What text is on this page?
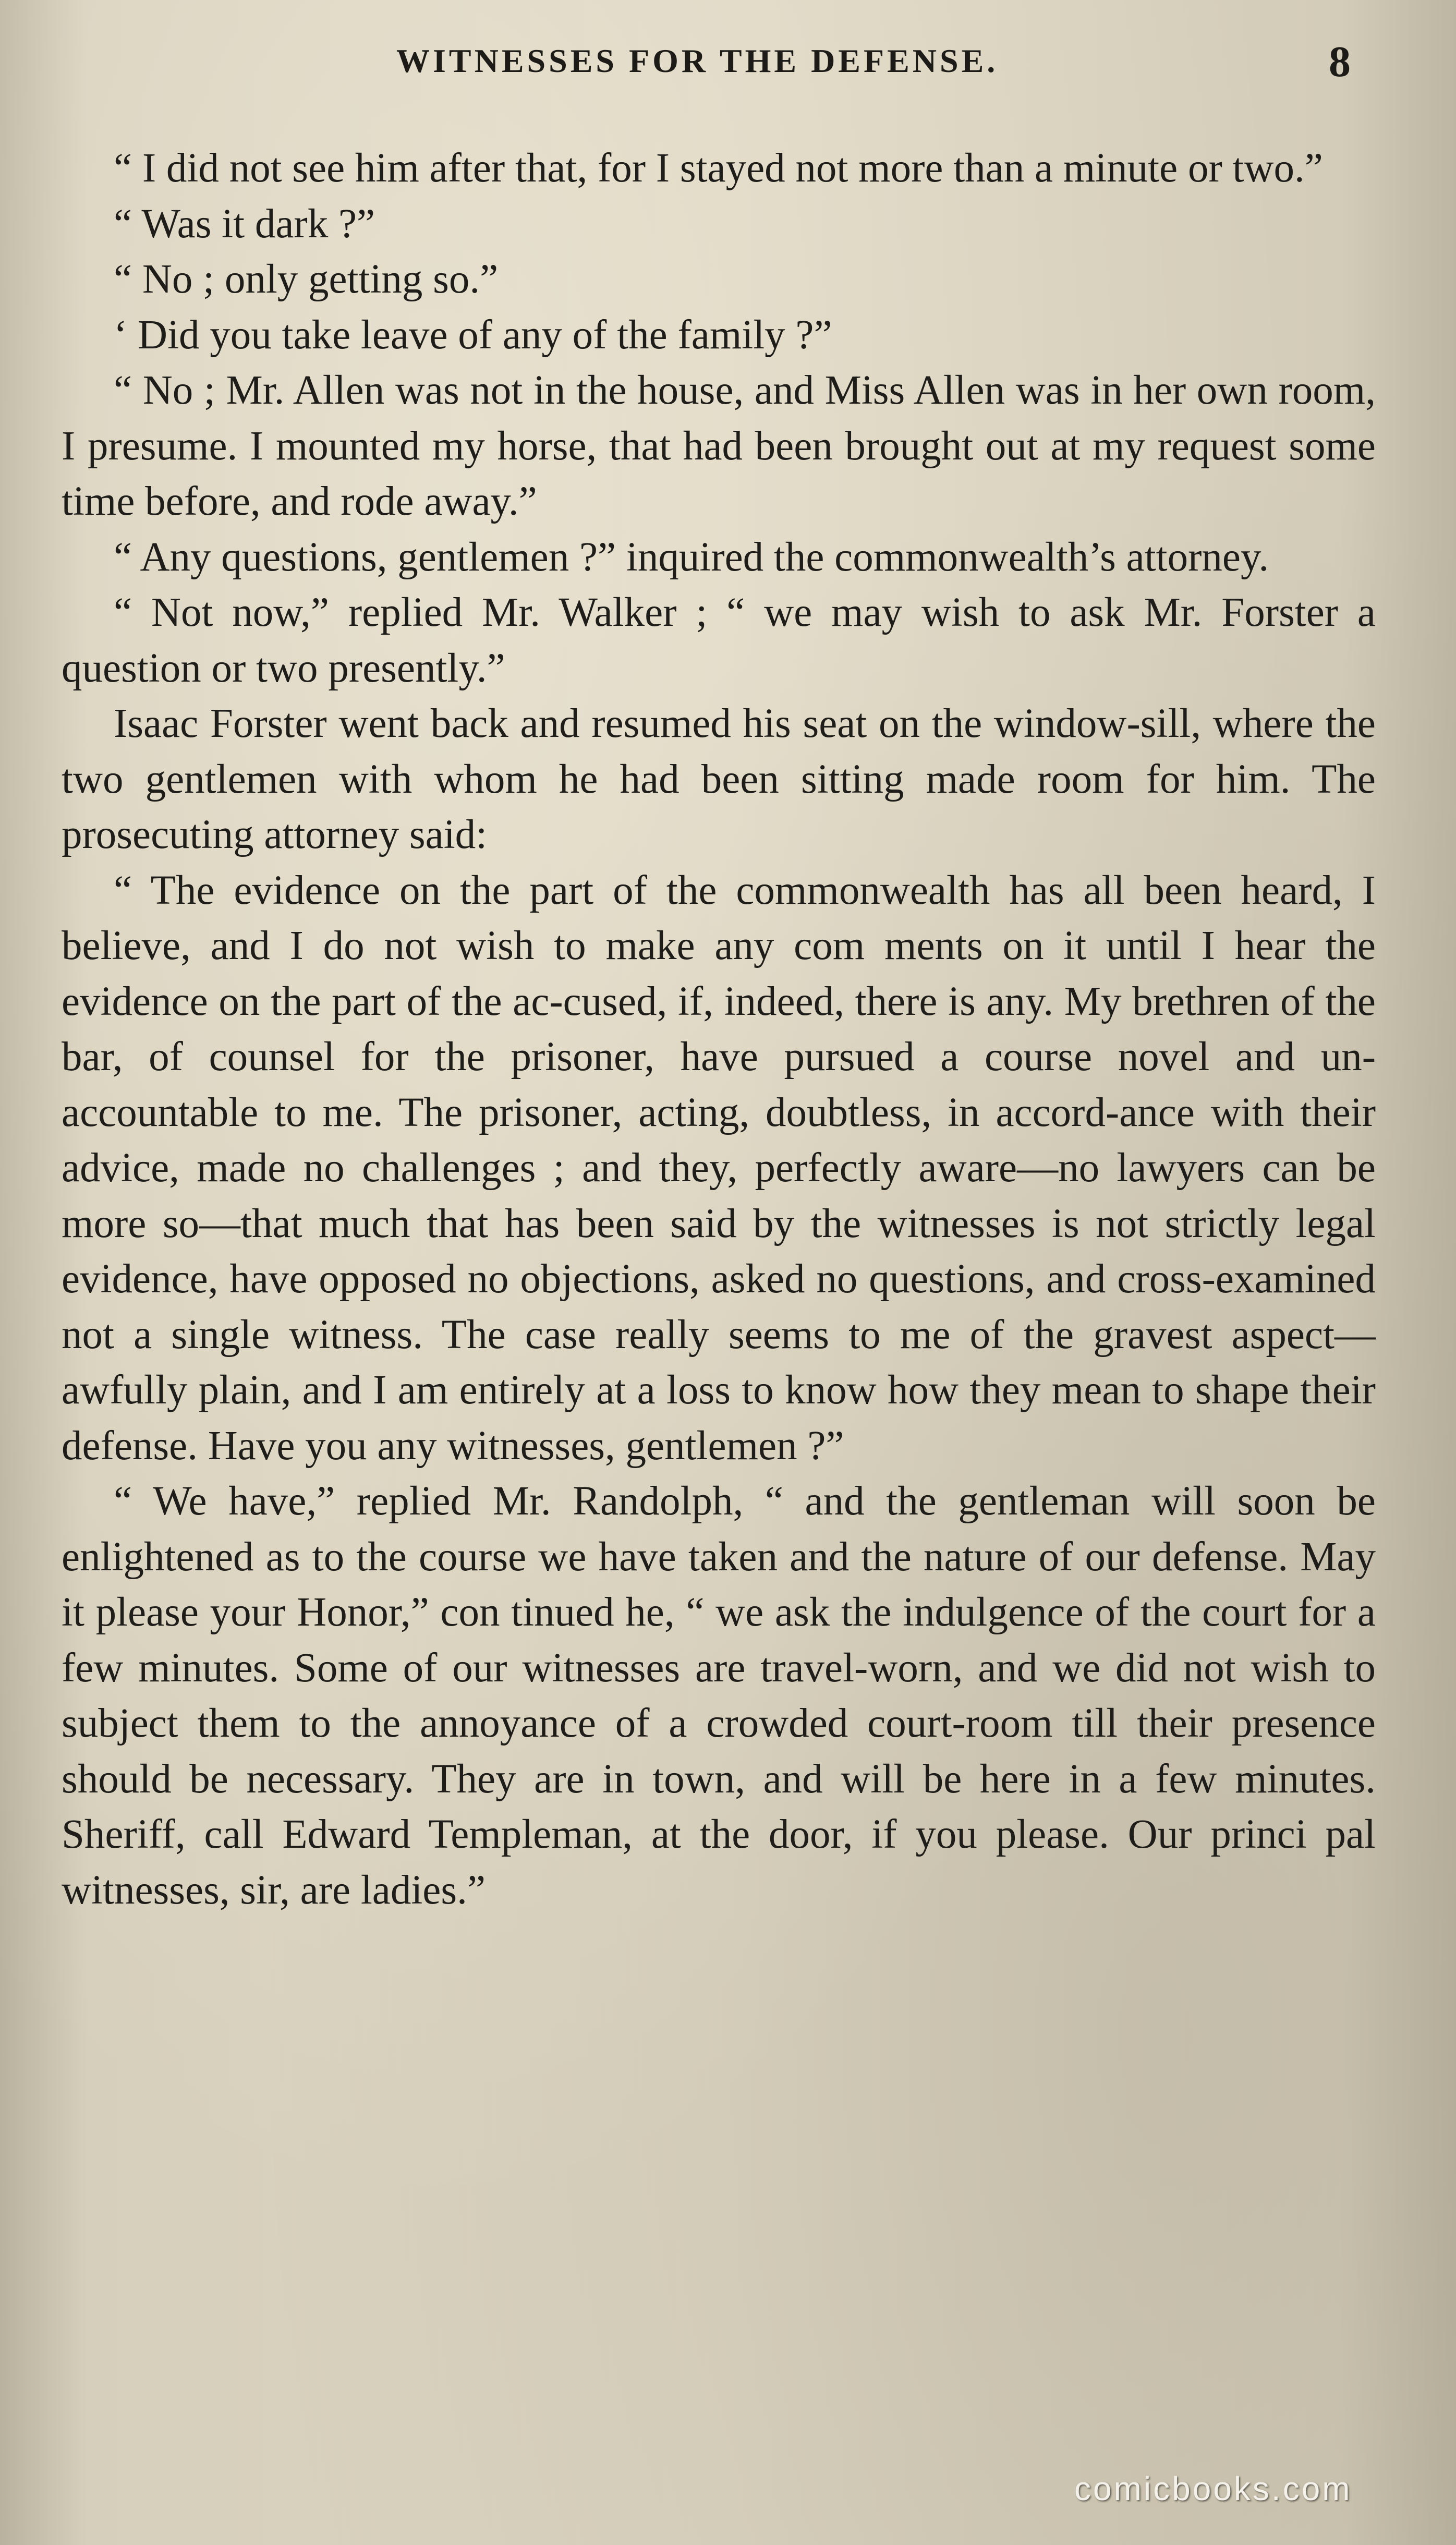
WITNESSES FOR THE DEFENSE.	8

“ I did not see him after that, for I stayed not more than a minute or two.”

“ Was it dark ?”

“ No ; only getting so.”

‘ Did you take leave of any of the family ?”

“ No ; Mr. Allen was not in the house, and Miss Allen was in her own room, I presume. I mounted my horse, that had been brought out at my request some time before, and rode away.”

“ Any questions, gentlemen ?” inquired the commonwealth’s attorney.

“ Not now,” replied Mr. Walker ; “ we may wish to ask Mr. Forster a question or two presently.”

Isaac Forster went back and resumed his seat on the window-sill, where the two gentlemen with whom he had been sitting made room for him. The prosecuting attorney said:

“ The evidence on the part of the commonwealth has all been heard, I believe, and I do not wish to make any com ments on it until I hear the evidence on the part of the ac-cused, if, indeed, there is any. My brethren of the bar, of counsel for the prisoner, have pursued a course novel and un-accountable to me. The prisoner, acting, doubtless, in accord-ance with their advice, made no challenges ; and they, perfectly aware—no lawyers can be more so—that much that has been said by the witnesses is not strictly legal evidence, have opposed no objections, asked no questions, and cross-examined not a single witness. The case really seems to me of the gravest aspect—awfully plain, and I am entirely at a loss to know how they mean to shape their defense. Have you any witnesses, gentlemen ?”

“ We have,” replied Mr. Randolph, “ and the gentleman will soon be enlightened as to the course we have taken and the nature of our defense. May it please your Honor,” con tinued he, “ we ask the indulgence of the court for a few minutes. Some of our witnesses are travel-worn, and we did not wish to subject them to the annoyance of a crowded court-room till their presence should be necessary. They are in town, and will be here in a few minutes. Sheriff, call Edward Templeman, at the door, if you please. Our princi pal witnesses, sir, are ladies.”

comicbooks.com
